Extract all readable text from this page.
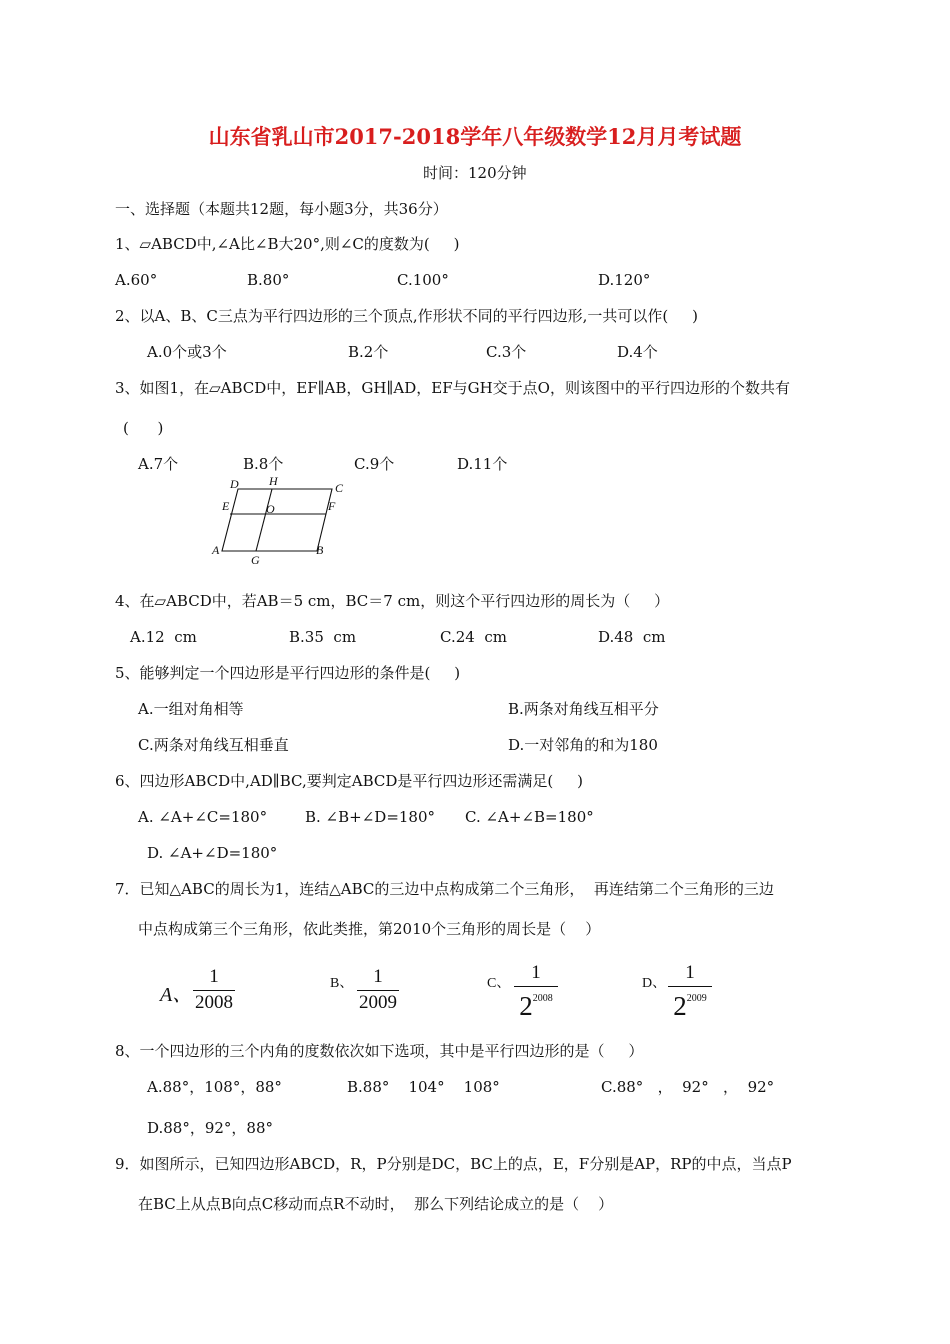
山东省乳山市2017-2018学年八年级数学12月月考试题
时间：120分钟
一、选择题（本题共12题，每小题3分，共36分）
1、▱ABCD中,∠A比∠B大20°,则∠C的度数为(     )
A.60°	B.80°	C.100°	D.120°
2、以A、B、C三点为平行四边形的三个顶点,作形状不同的平行四边形,一共可以作(     )
A.0个或3个	B.2个	C.3个	D.4个
3、如图1，在▱ABCD中，EF∥AB，GH∥AD，EF与GH交于点O，则该图中的平行四边形的个数共有
(      )
A.7个	B.8个	C.9个	D.11个
D	H	C
E	O	F
A
G
B
4、在▱ABCD中，若AB＝5 cm，BC＝7 cm，则这个平行四边形的周长为（     ）
A.12  cm	B.35  cm	C.24  cm	D.48  cm
5、能够判定一个四边形是平行四边形的条件是(     )
A.一组对角相等	B.两条对角线互相平分
C.两条对角线互相垂直	D.一对邻角的和为180
6、四边形ABCD中,AD∥BC,要判定ABCD是平行四边形还需满足(     )
A. ∠A+∠C=180°	B. ∠B+∠D=180° C. ∠A+∠B=180°
D. ∠A+∠D=180°
7．已知△ABC的周长为1，连结△ABC的三边中点构成第二个三角形，  再连结第二个三角形的三边
中点构成第三个三角形，依此类推，第2010个三角形的周长是（    ）
A、
1
2008
B、	1
2009
C、
1
$2^{2008}$
D、
1
$2^{2009}$
8、一个四边形的三个内角的度数依次如下选项，其中是平行四边形的是（     ）
A.88°，108°，88°	B.88°    104°    108°	C.88°   ，  92°   ，  92°
D.88°，92°，88°
9．如图所示，已知四边形ABCD，R，P分别是DC，BC上的点，E，F分别是AP，RP的中点，当点P
在BC上从点B向点C移动而点R不动时，  那么下列结论成立的是（    ）
